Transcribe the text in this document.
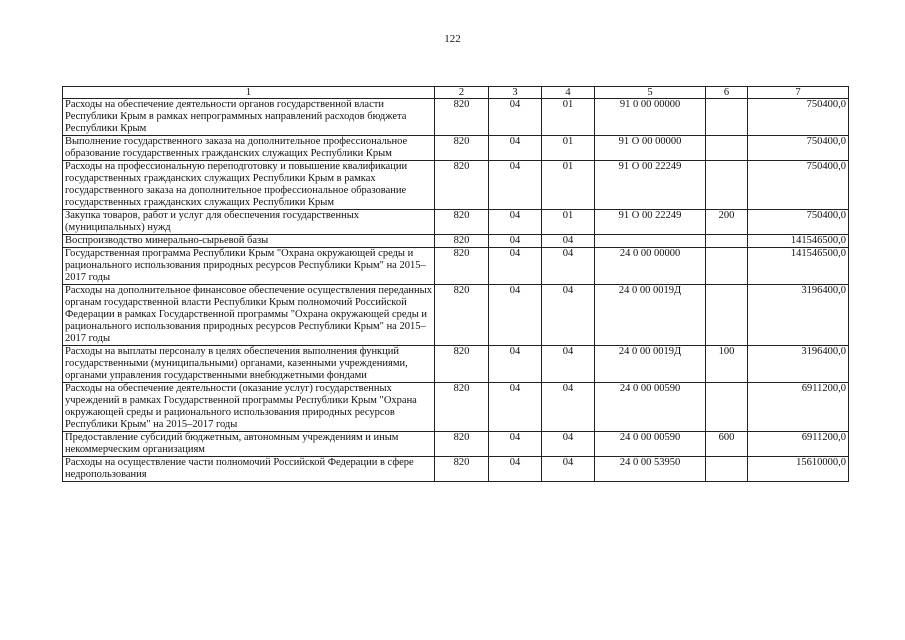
122
1	2	3	4	5	6	7
Расходы на обеспечение деятельности органов государственной власти Республики Крым в рамках непрограммных направлений расходов бюджета Республики Крым	820	04	01	91 0 00 00000		750400,0
Выполнение государственного заказа на дополнительное профессиональное образование государственных гражданских служащих Республики Крым	820	04	01	91 О 00 00000		750400,0
Расходы на профессиональную переподготовку и повышение квалификации государственных гражданских служащих Республики Крым в рамках государственного заказа на дополнительное профессиональное образование государственных гражданских служащих Республики Крым	820	04	01	91 О 00 22249		750400,0
Закупка товаров, работ и услуг для обеспечения государственных (муниципальных) нужд	820	04	01	91 О 00 22249	200	750400,0
Воспроизводство минерально-сырьевой базы	820	04	04			141546500,0
Государственная программа Республики Крым "Охрана окружающей среды и рационального использования природных ресурсов Республики Крым" на 2015–2017 годы	820	04	04	24 0 00 00000		141546500,0
Расходы на дополнительное финансовое обеспечение осуществления переданных органам государственной власти Республики Крым полномочий Российской Федерации в рамках Государственной программы "Охрана окружающей среды и рационального использования природных ресурсов Республики Крым" на 2015–2017 годы	820	04	04	24 0 00 0019Д		3196400,0
Расходы на выплаты персоналу в целях обеспечения выполнения функций государственными (муниципальными) органами, казенными учреждениями, органами управления государственными внебюджетными фондами	820	04	04	24 0 00 0019Д	100	3196400,0
Расходы на обеспечение деятельности (оказание услуг) государственных учреждений в рамках Государственной программы Республики Крым "Охрана окружающей среды и рационального использования природных ресурсов Республики Крым" на 2015–2017 годы	820	04	04	24 0 00 00590		6911200,0
Предоставление субсидий бюджетным, автономным учреждениям и иным некоммерческим организациям	820	04	04	24 0 00 00590	600	6911200,0
Расходы на осуществление части полномочий Российской Федерации в сфере недропользования	820	04	04	24 0 00 53950		15610000,0
